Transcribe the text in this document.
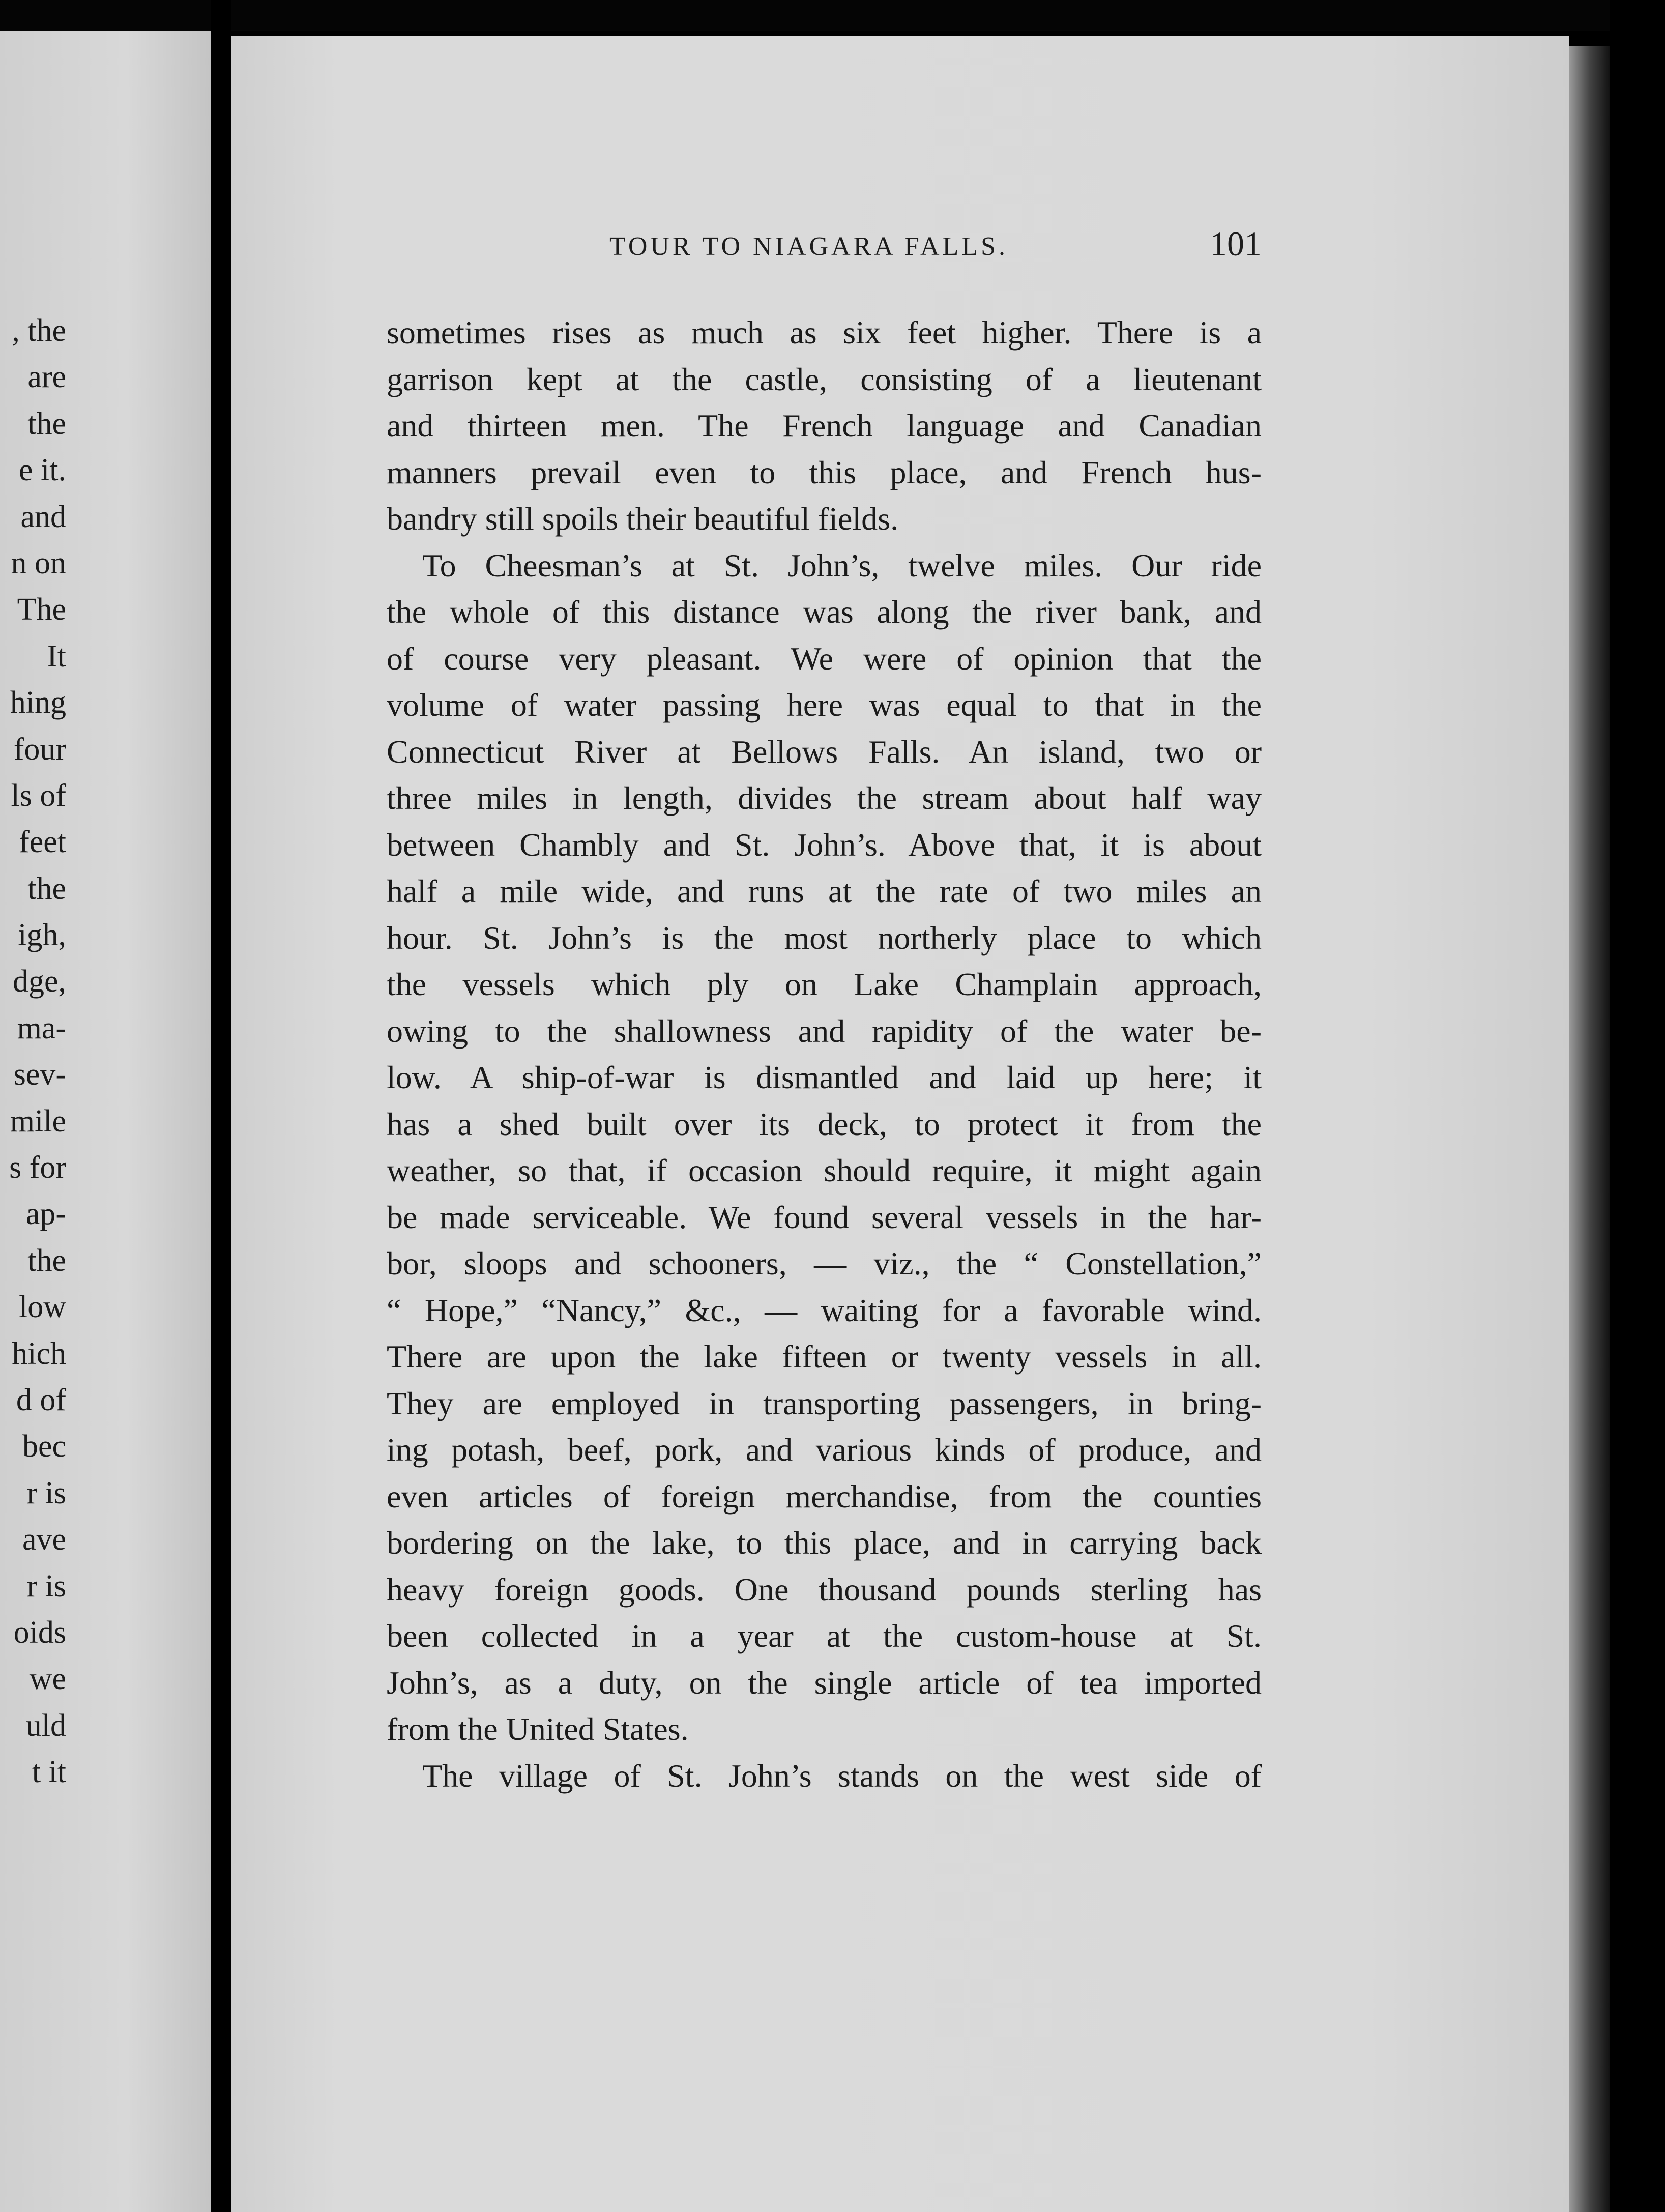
, the
are
the
e it.
and
n on
The
It
hing
four
ls of
feet
the
igh,
dge,
ma-
sev-
mile
s for
ap-
the
low
hich
d of
bec
r is
ave
r is
oids
we
uld
t it
TOUR TO NIAGARA FALLS.	101
sometimes rises as much as six feet higher. There is a
garrison kept at the castle, consisting of a lieutenant
and thirteen men. The French language and Canadian
manners prevail even to this place, and French hus-
bandry still spoils their beautiful fields.
To Cheesman’s at St. John’s, twelve miles. Our ride
the whole of this distance was along the river bank, and
of course very pleasant. We were of opinion that the
volume of water passing here was equal to that in the
Connecticut River at Bellows Falls. An island, two or
three miles in length, divides the stream about half way
between Chambly and St. John’s. Above that, it is about
half a mile wide, and runs at the rate of two miles an
hour. St. John’s is the most northerly place to which
the vessels which ply on Lake Champlain approach,
owing to the shallowness and rapidity of the water be-
low. A ship-of-war is dismantled and laid up here; it
has a shed built over its deck, to protect it from the
weather, so that, if occasion should require, it might again
be made serviceable. We found several vessels in the har-
bor, sloops and schooners, — viz., the “ Constellation,”
“ Hope,” “Nancy,” &c., — waiting for a favorable wind.
There are upon the lake fifteen or twenty vessels in all.
They are employed in transporting passengers, in bring-
ing potash, beef, pork, and various kinds of produce, and
even articles of foreign merchandise, from the counties
bordering on the lake, to this place, and in carrying back
heavy foreign goods. One thousand pounds sterling has
been collected in a year at the custom-house at St.
John’s, as a duty, on the single article of tea imported
from the United States.
The village of St. John’s stands on the west side of
